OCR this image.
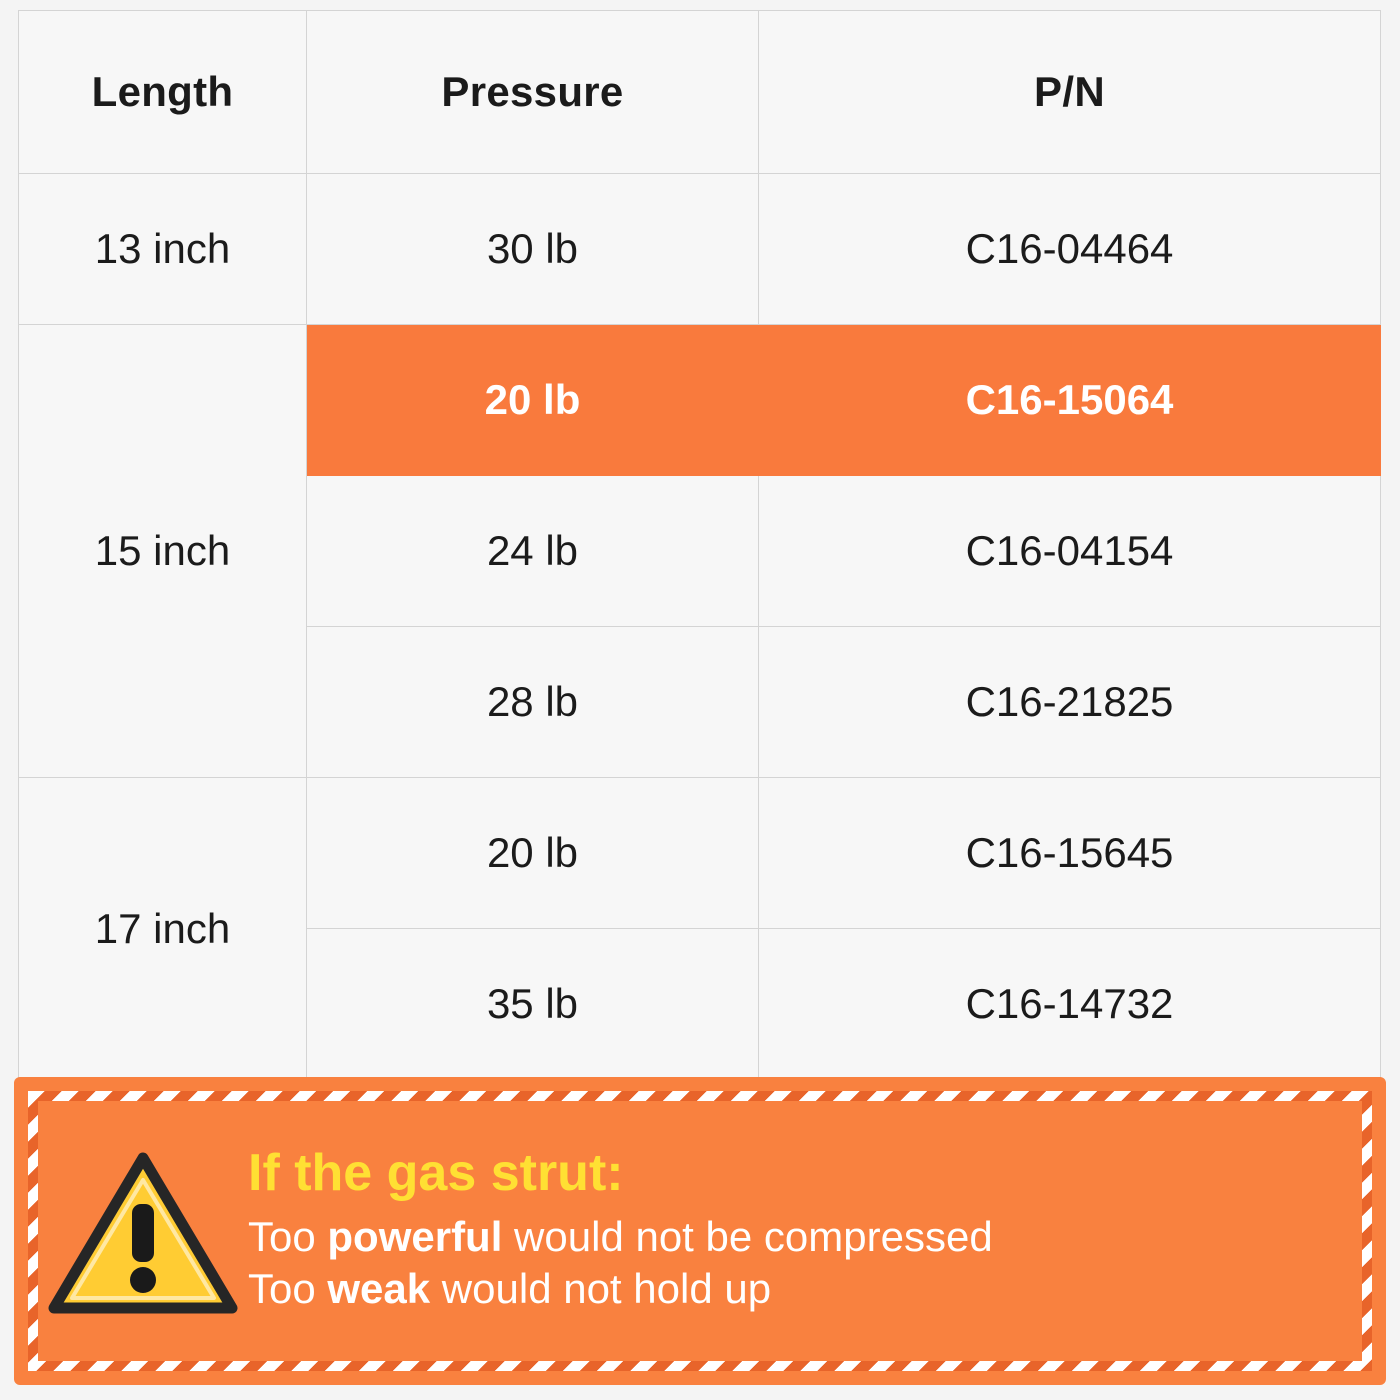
Length	Pressure	P/N
13 inch	30 lb	C16-04464
15 inch	20 lb	C16-15064
	24 lb	C16-04154
	28 lb	C16-21825
17 inch	20 lb	C16-15645
	35 lb	C16-14732
If the gas strut:
Too powerful would not be compressed
Too weak would not hold up
